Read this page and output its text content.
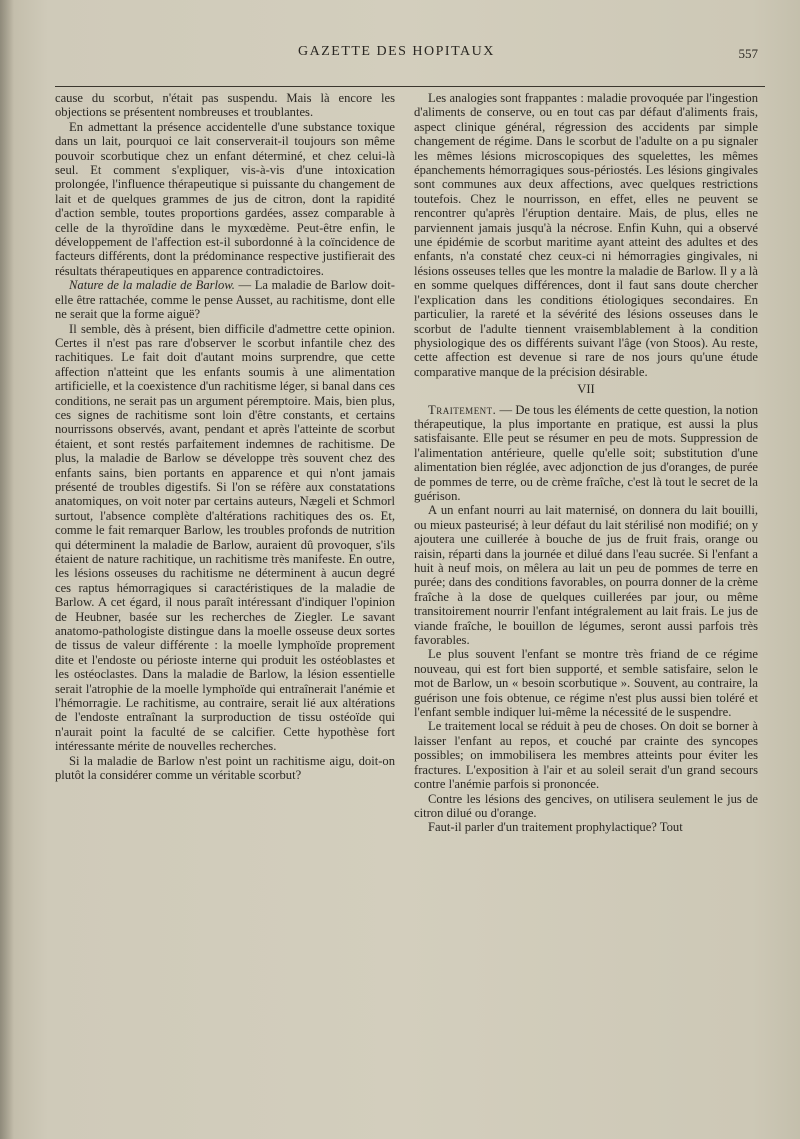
GAZETTE DES HOPITAUX	557

cause du scorbut, n'était pas suspendu. Mais là encore les objections se présentent nombreuses et troublantes.

En admettant la présence accidentelle d'une substance toxique dans un lait, pourquoi ce lait conserverait-il toujours son même pouvoir scorbutique chez un enfant déterminé, et chez celui-là seul. Et comment s'expliquer, vis-à-vis d'une intoxication prolongée, l'influence thérapeutique si puissante du changement de lait et de quelques grammes de jus de citron, dont la rapidité d'action semble, toutes proportions gardées, assez comparable à celle de la thyroïdine dans le myxœdème. Peut-être enfin, le développement de l'affection est-il subordonné à la coïncidence de facteurs différents, dont la prédominance respective justifierait des résultats thérapeutiques en apparence contradictoires.

Nature de la maladie de Barlow. — La maladie de Barlow doit-elle être rattachée, comme le pense Ausset, au rachitisme, dont elle ne serait que la forme aiguë?

Il semble, dès à présent, bien difficile d'admettre cette opinion. Certes il n'est pas rare d'observer le scorbut infantile chez des rachitiques. Le fait doit d'autant moins surprendre, que cette affection n'atteint que les enfants soumis à une alimentation artificielle, et la coexistence d'un rachitisme léger, si banal dans ces conditions, ne serait pas un argument péremptoire. Mais, bien plus, ces signes de rachitisme sont loin d'être constants, et certains nourrissons observés, avant, pendant et après l'atteinte de scorbut étaient, et sont restés parfaitement indemnes de rachitisme. De plus, la maladie de Barlow se développe très souvent chez des enfants sains, bien portants en apparence et qui n'ont jamais présenté de troubles digestifs. Si l'on se réfère aux constatations anatomiques, on voit noter par certains auteurs, Nægeli et Schmorl surtout, l'absence complète d'altérations rachitiques des os. Et, comme le fait remarquer Barlow, les troubles profonds de nutrition qui déterminent la maladie de Barlow, auraient dû provoquer, s'ils étaient de nature rachitique, un rachitisme très manifeste. En outre, les lésions osseuses du rachitisme ne déterminent à aucun degré ces raptus hémorragiques si caractéristiques de la maladie de Barlow. A cet égard, il nous paraît intéressant d'indiquer l'opinion de Heubner, basée sur les recherches de Ziegler. Le savant anatomo-pathologiste distingue dans la moelle osseuse deux sortes de tissus de valeur différente : la moelle lymphoïde proprement dite et l'endoste ou périoste interne qui produit les ostéoblastes et les ostéoclastes. Dans la maladie de Barlow, la lésion essentielle serait l'atrophie de la moelle lymphoïde qui entraînerait l'anémie et l'hémorragie. Le rachitisme, au contraire, serait lié aux altérations de l'endoste entraînant la surproduction de tissu ostéoïde qui n'aurait point la faculté de se calcifier. Cette hypothèse fort intéressante mérite de nouvelles recherches.

Si la maladie de Barlow n'est point un rachitisme aigu, doit-on plutôt la considérer comme un véritable scorbut?

Les analogies sont frappantes : maladie provoquée par l'ingestion d'aliments de conserve, ou en tout cas par défaut d'aliments frais, aspect clinique général, régression des accidents par simple changement de régime. Dans le scorbut de l'adulte on a pu signaler les mêmes lésions microscopiques des squelettes, les mêmes épanchements hémorragiques sous-périostés. Les lésions gingivales sont communes aux deux affections, avec quelques restrictions toutefois. Chez le nourrisson, en effet, elles ne peuvent se rencontrer qu'après l'éruption dentaire. Mais, de plus, elles ne parviennent jamais jusqu'à la nécrose. Enfin Kuhn, qui a observé une épidémie de scorbut maritime ayant atteint des adultes et des enfants, n'a constaté chez ceux-ci ni hémorragies gingivales, ni lésions osseuses telles que les montre la maladie de Barlow. Il y a là en somme quelques différences, dont il faut sans doute chercher l'explication dans les conditions étiologiques secondaires. En particulier, la rareté et la sévérité des lésions osseuses dans le scorbut de l'adulte tiennent vraisemblablement à la condition physiologique des os différents suivant l'âge (von Stoos). Au reste, cette affection est devenue si rare de nos jours qu'une étude comparative manque de la précision désirable.

VII

Traitement. — De tous les éléments de cette question, la notion thérapeutique, la plus importante en pratique, est aussi la plus satisfaisante. Elle peut se résumer en peu de mots. Suppression de l'alimentation antérieure, quelle qu'elle soit; substitution d'une alimentation bien réglée, avec adjonction de jus d'oranges, de purée de pommes de terre, ou de crème fraîche, c'est là tout le secret de la guérison.

A un enfant nourri au lait maternisé, on donnera du lait bouilli, ou mieux pasteurisé; à leur défaut du lait stérilisé non modifié; on y ajoutera une cuillerée à bouche de jus de fruit frais, orange ou raisin, réparti dans la journée et dilué dans l'eau sucrée. Si l'enfant a huit à neuf mois, on mêlera au lait un peu de pommes de terre en purée; dans des conditions favorables, on pourra donner de la crème fraîche à la dose de quelques cuillerées par jour, ou même transitoirement nourrir l'enfant intégralement au lait frais. Le jus de viande fraîche, le bouillon de légumes, seront aussi parfois très favorables.

Le plus souvent l'enfant se montre très friand de ce régime nouveau, qui est fort bien supporté, et semble satisfaire, selon le mot de Barlow, un « besoin scorbutique ». Souvent, au contraire, la guérison une fois obtenue, ce régime n'est plus aussi bien toléré et l'enfant semble indiquer lui-même la nécessité de le suspendre.

Le traitement local se réduit à peu de choses. On doit se borner à laisser l'enfant au repos, et couché par crainte des syncopes possibles; on immobilisera les membres atteints pour éviter les fractures. L'exposition à l'air et au soleil serait d'un grand secours contre l'anémie parfois si prononcée.

Contre les lésions des gencives, on utilisera seulement le jus de citron dilué ou d'orange.

Faut-il parler d'un traitement prophylactique? Tout
